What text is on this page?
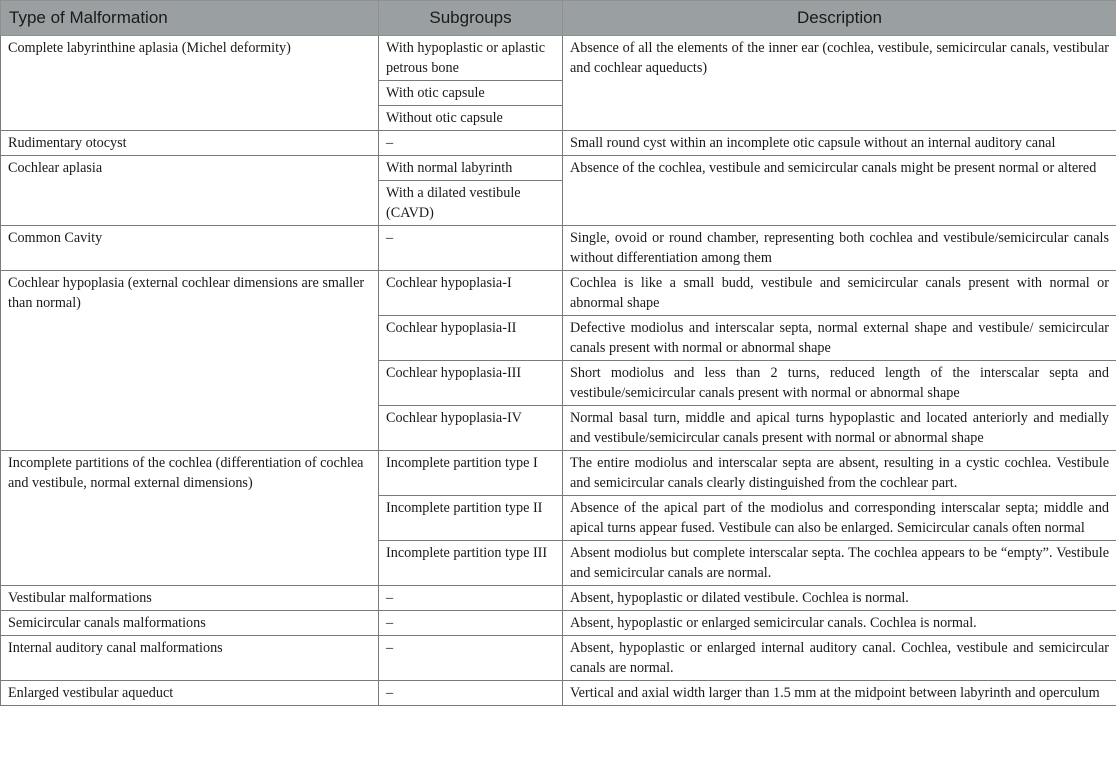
Type of Malformation	Subgroups	Description
Complete labyrinthine aplasia (Michel deformity)	With hypoplastic or aplastic petrous bone	Absence of all the elements of the inner ear (cochlea, vestibule, semicircular canals, vestibular and cochlear aqueducts)
	With otic capsule	
	Without otic capsule	
Rudimentary otocyst	–	Small round cyst within an incomplete otic capsule without an internal auditory canal
Cochlear aplasia	With normal labyrinth	Absence of the cochlea, vestibule and semicircular canals might be present normal or altered
	With a dilated vestibule (CAVD)	
Common Cavity	–	Single, ovoid or round chamber, representing both cochlea and vestibule/semicircular canals without differentiation among them
Cochlear hypoplasia (external cochlear dimensions are smaller than normal)	Cochlear hypoplasia-I	Cochlea is like a small budd, vestibule and semicircular canals present with normal or abnormal shape
	Cochlear hypoplasia-II	Defective modiolus and interscalar septa, normal external shape and vestibule/ semicircular canals present with normal or abnormal shape
	Cochlear hypoplasia-III	Short modiolus and less than 2 turns, reduced length of the interscalar septa and vestibule/semicircular canals present with normal or abnormal shape
	Cochlear hypoplasia-IV	Normal basal turn, middle and apical turns hypoplastic and located anteriorly and medially and vestibule/semicircular canals present with normal or abnormal shape
Incomplete partitions of the cochlea (differentiation of cochlea and vestibule, normal external dimensions)	Incomplete partition type I	The entire modiolus and interscalar septa are absent, resulting in a cystic cochlea. Vestibule and semicircular canals clearly distinguished from the cochlear part.
	Incomplete partition type II	Absence of the apical part of the modiolus and corresponding interscalar septa; middle and apical turns appear fused. Vestibule can also be enlarged. Semicircular canals often normal
	Incomplete partition type III	Absent modiolus but complete interscalar septa. The cochlea appears to be “empty”. Vestibule and semicircular canals are normal.
Vestibular malformations	–	Absent, hypoplastic or dilated vestibule. Cochlea is normal.
Semicircular canals malformations	–	Absent, hypoplastic or enlarged semicircular canals. Cochlea is normal.
Internal auditory canal malformations	–	Absent, hypoplastic or enlarged internal auditory canal. Cochlea, vestibule and semicircular canals are normal.
Enlarged vestibular aqueduct	–	Vertical and axial width larger than 1.5 mm at the midpoint between labyrinth and operculum
